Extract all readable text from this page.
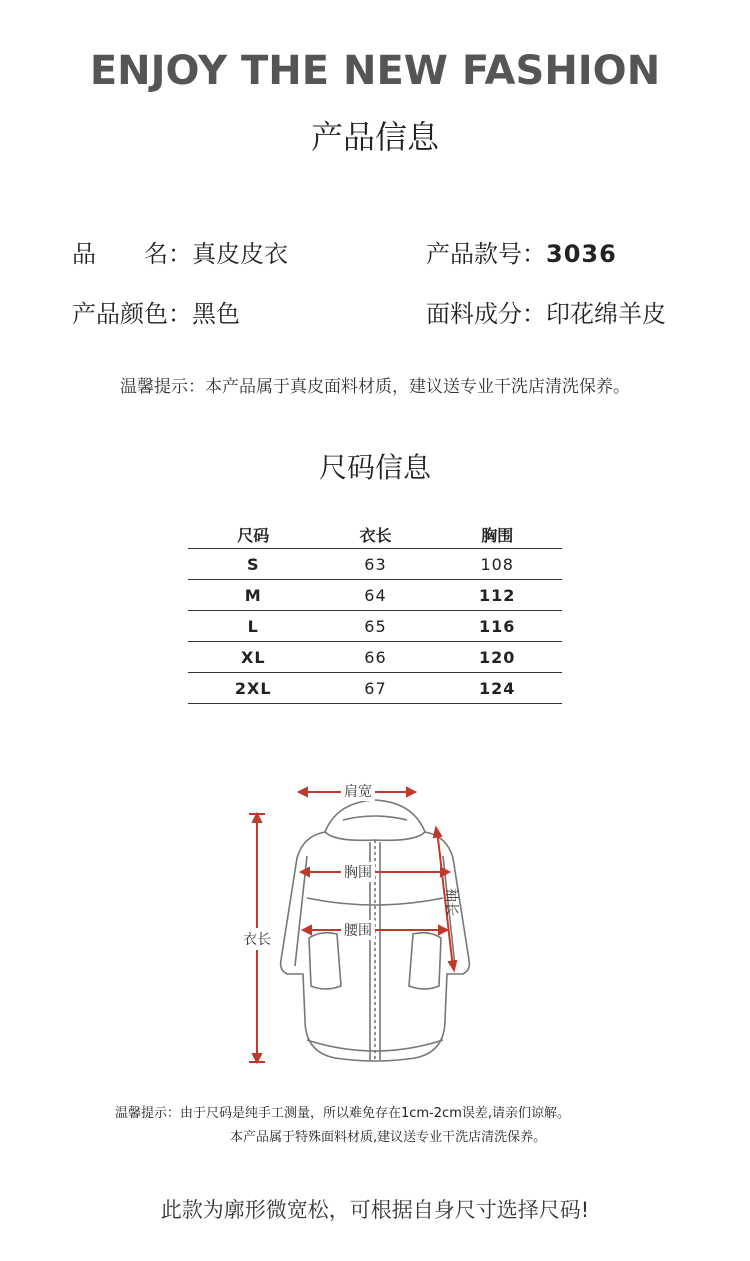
ENJOY THE NEW FASHION
产品信息
品　　名：真皮皮衣	产品款号：3036
产品颜色：黑色	面料成分：印花绵羊皮
温馨提示：本产品属于真皮面料材质，建议送专业干洗店清洗保养。
尺码信息
尺码	衣长	胸围
S	63	108
M	64	112
L	65	116
XL	66	120
2XL	67	124
肩宽
胸围
腰围
衣长
袖长
温馨提示：由于尺码是纯手工测量，所以难免存在1cm-2cm误差,请亲们谅解。
本产品属于特殊面料材质,建议送专业干洗店清洗保养。
此款为廓形微宽松，可根据自身尺寸选择尺码!
